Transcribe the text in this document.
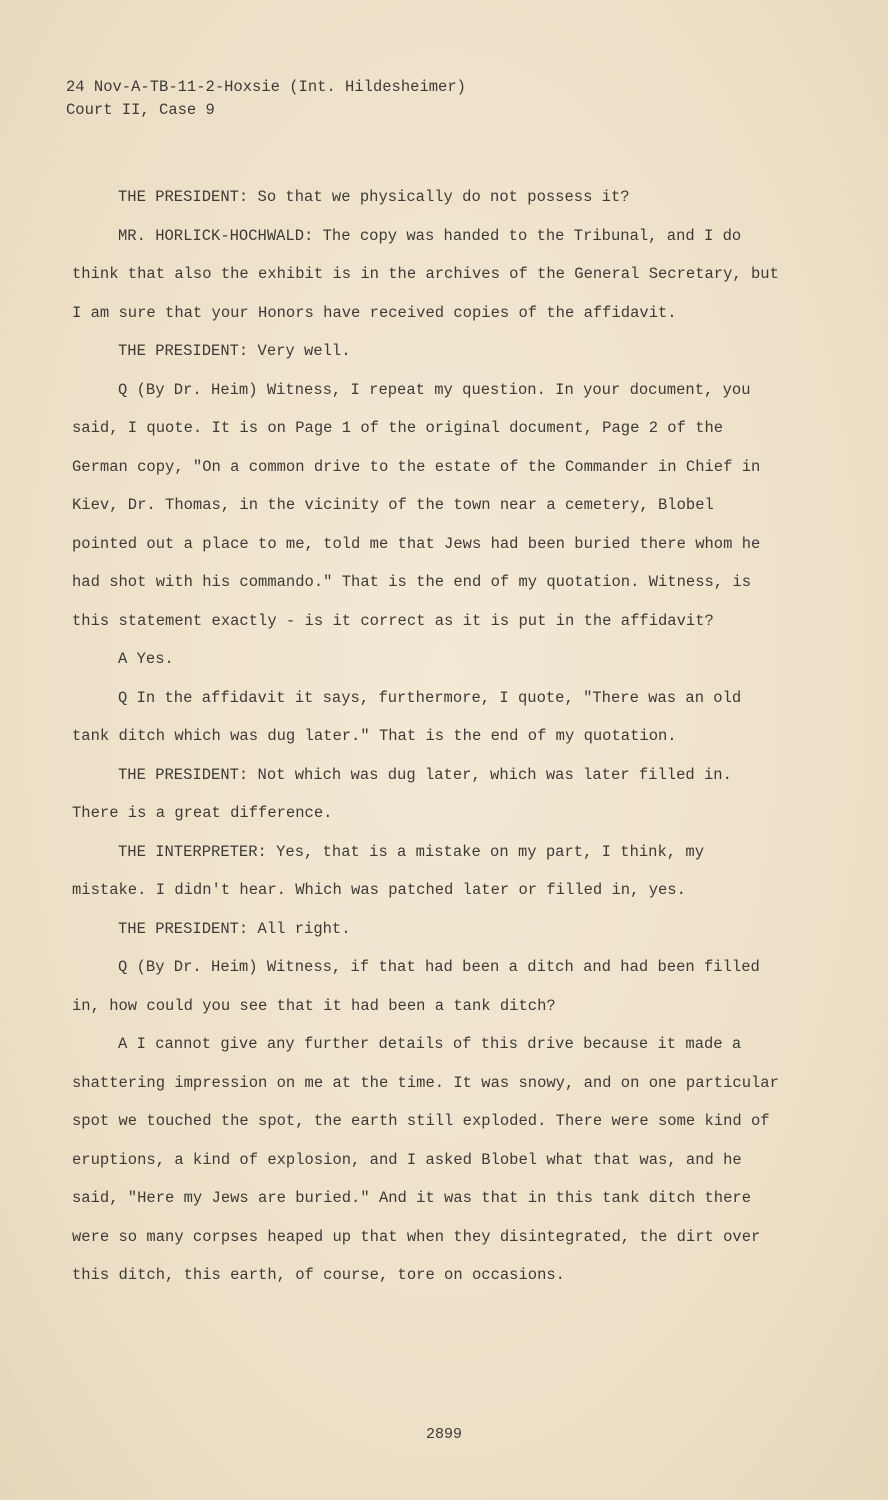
24 Nov-A-TB-11-2-Hoxsie (Int. Hildesheimer)
Court II, Case 9

THE PRESIDENT: So that we physically do not possess it?

MR. HORLICK-HOCHWALD: The copy was handed to the Tribunal, and I do think that also the exhibit is in the archives of the General Secretary, but I am sure that your Honors have received copies of the affidavit.

THE PRESIDENT: Very well.

Q (By Dr. Heim) Witness, I repeat my question. In your document, you said, I quote. It is on Page 1 of the original document, Page 2 of the German copy, "On a common drive to the estate of the Commander in Chief in Kiev, Dr. Thomas, in the vicinity of the town near a cemetery, Blobel pointed out a place to me, told me that Jews had been buried there whom he had shot with his commando." That is the end of my quotation. Witness, is this statement exactly - is it correct as it is put in the affidavit?

A Yes.

Q In the affidavit it says, furthermore, I quote, "There was an old tank ditch which was dug later." That is the end of my quotation.

THE PRESIDENT: Not which was dug later, which was later filled in. There is a great difference.

THE INTERPRETER: Yes, that is a mistake on my part, I think, my mistake. I didn't hear. Which was patched later or filled in, yes.

THE PRESIDENT: All right.

Q (By Dr. Heim) Witness, if that had been a ditch and had been filled in, how could you see that it had been a tank ditch?

A I cannot give any further details of this drive because it made a shattering impression on me at the time. It was snowy, and on one particular spot we touched the spot, the earth still exploded. There were some kind of eruptions, a kind of explosion, and I asked Blobel what that was, and he said, "Here my Jews are buried." And it was that in this tank ditch there were so many corpses heaped up that when they disintegrated, the dirt over this ditch, this earth, of course, tore on occasions.

2899
